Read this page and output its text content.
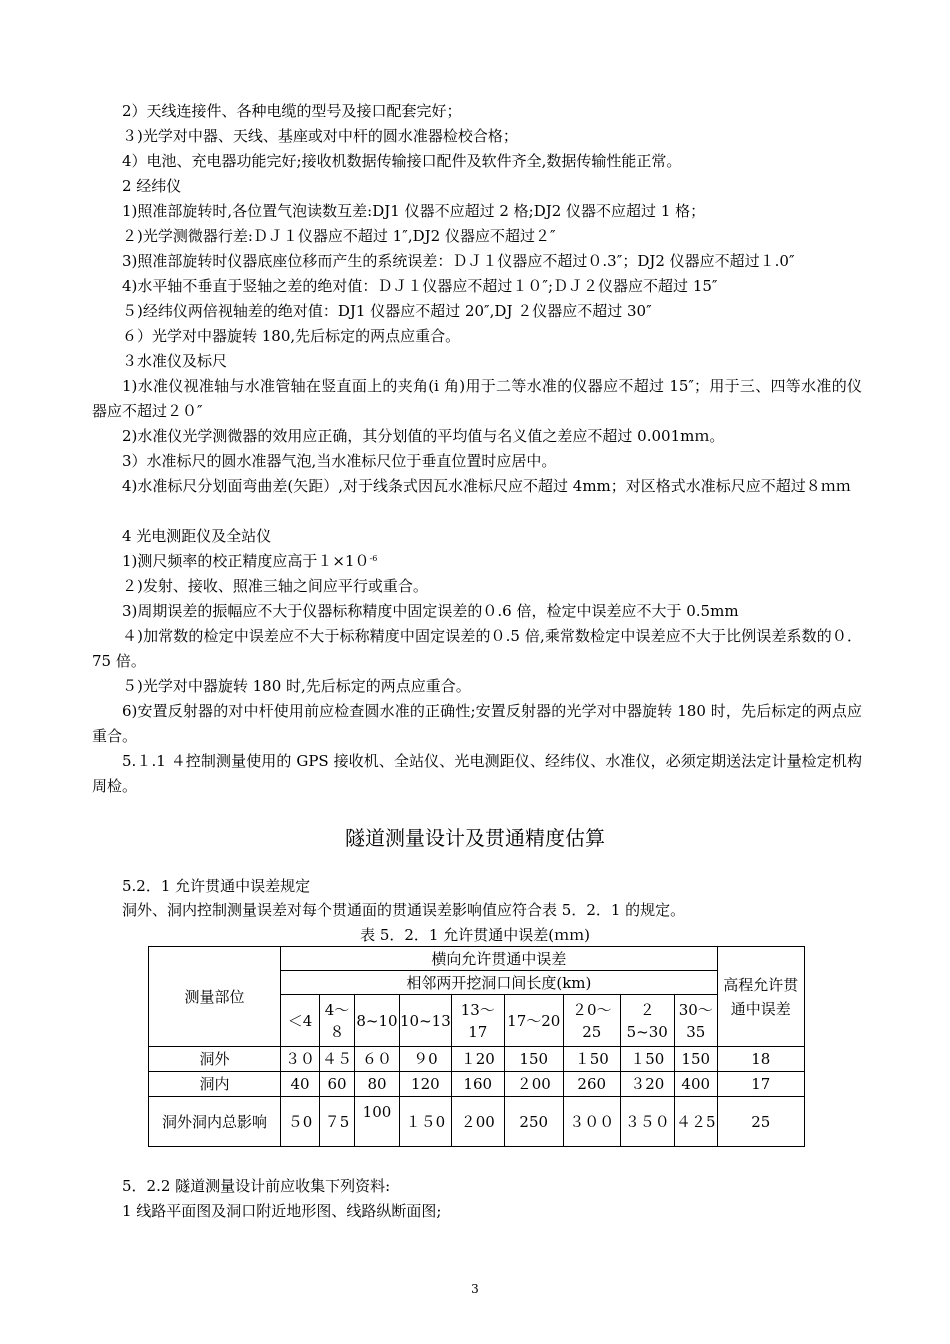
2）天线连接件、各种电缆的型号及接口配套完好；
３)光学对中器、天线、基座或对中杆的圆水准器检校合格；
4）电池、充电器功能完好;接收机数据传输接口配件及软件齐全,数据传输性能正常。
2 经纬仪
1)照准部旋转时,各位置气泡读数互差:DJ1 仪器不应超过 2 格;DJ2 仪器不应超过 1 格；
２)光学测微器行差:ＤＪ１仪器应不超过 1″,DJ2 仪器应不超过２″
3)照准部旋转时仪器底座位移而产生的系统误差：ＤＪ１仪器应不超过０.3″；DJ2 仪器应不超过１.0″
4)水平轴不垂直于竖轴之差的绝对值：ＤＪ１仪器应不超过１０″;ＤＪ２仪器应不超过 15″
５)经纬仪两倍视轴差的绝对值：DJ1 仪器应不超过 20″,DJ ２仪器应不超过 30″
６）光学对中器旋转 180,先后标定的两点应重合。
３水准仪及标尺
1)水准仪视准轴与水准管轴在竖直面上的夹角(i 角)用于二等水准的仪器应不超过 15″；用于三、四等水准的仪器应不超过２０″
2)水准仪光学测微器的效用应正确，其分划值的平均值与名义值之差应不超过 0.001mｍ。
3）水准标尺的圆水准器气泡,当水准标尺位于垂直位置时应居中。
4)水准标尺分划面弯曲差(矢距）,对于线条式因瓦水准标尺应不超过 4mm；对区格式水准标尺应不超过８ｍｍ
4 光电测距仪及全站仪
1)测尺频率的校正精度应高于$1\times 10^{-6}$
２)发射、接收、照准三轴之间应平行或重合。
3)周期误差的振幅应不大于仪器标称精度中固定误差的０.6 倍，检定中误差应不大于 0.5mm
４)加常数的检定中误差应不大于标称精度中固定误差的０.5 倍,乘常数检定中误差应不大于比例误差系数的０．75 倍。
５)光学对中器旋转 180 时,先后标定的两点应重合。
6)安置反射器的对中杆使用前应检查圆水准的正确性;安置反射器的光学对中器旋转 180 时，先后标定的两点应重合。
5.１.1 ４控制测量使用的 GPS 接收机、全站仪、光电测距仪、经纬仪、水准仪，必须定期送法定计量检定机构周检。
隧道测量设计及贯通精度估算
5.2．1 允许贯通中误差规定
洞外、洞内控制测量误差对每个贯通面的贯通误差影响值应符合表 5．2．1 的规定。
表 5．2．1 允许贯通中误差(ｍｍ)
测量部位	横向允许贯通中误差									高程允许贯通中误差
	相邻两开挖洞口间长度(km)									
	＜4	4～８	8~10	10~13	13～17	17～20	２0～25	２5~30	30～35	
洞外	３０	４５	６０	９0	１20	150	１50	１50	150	18
洞内	40	60	80	120	160	２00	260	３20	400	17
洞外洞内总影响	５0	７5	100	１５0	２00	250	３００	３５０	４２5	25
5．2.2 隧道测量设计前应收集下列资料:
1 线路平面图及洞口附近地形图、线路纵断面图;
3
